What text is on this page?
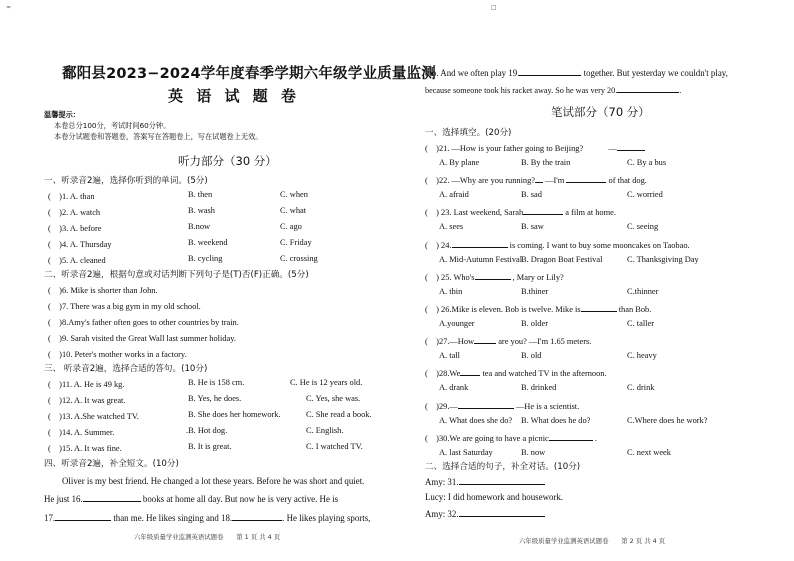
≈
鄱阳县2023−2024学年度春季学期六年级学业质量监测
英 语 试 题 卷
温馨提示：
本卷总分100分，考试时间60分钟。
本卷分试题卷和答题卷，答案写在答题卷上，写在试题卷上无效。
听力部分（30 分）
一、听录音2遍，选择你听到的单词。(5分)
(　)1. A. than	B. then	C. when
(　)2. A. watch	B. wash	C. what
(　)3. A. before	B.now	C. ago
(　)4. A. Thursday	B. weekend	C. Friday
(　)5. A. cleaned	B. cycling	C. crossing
二、听录音2遍，根据句意或对话判断下列句子是(T)否(F)正确。(5分)
(　)6. Mike is shorter than John.
(　)7. There was a big gym in my old school.
(　)8.Amy's father often goes to other countries by train.
(　)9. Sarah visited the Great Wall last summer holiday.
(　)10. Peter's mother works in a factory.
三、 听录音2遍，选择合适的答句。(10分)
(　)11. A. He is 49 kg.	B. He is 158 cm.	C. He is 12 years old.
(　)12. A. It was great.	B. Yes, he does.	C. Yes, she was.
(　)13. A.She watched TV.	B. She does her homework.	C. She read a book.
(　)14. A. Summer.	.B. Hot dog.	C. English.
(　)15. A. It was fine.	B. It is great.	C. I watched TV.
四、听录音2遍，补全短文。(10分)
Oliver is my best friend. He changed a lot these years. Before he was short and quiet.
He just 16.	books at home all day. But now he is very active. He is
17.	than me. He likes singing and 18.	. He likes playing sports,
六年级质量学业监测英语试题卷　　第 1 页 共 4 页
□
too. And we often play 19.	together. But yesterday we couldn't play,
because someone took his racket away. So he was very 20.	.
笔试部分（70 分）
一、选择填空。(20分)
(　)21. —How is your father going to Beijing?   	—
A. By plane	B. By the train	C. By a bus
(　)22. —Why are you running? —I'm	of that dog.
A. afraid	B. sad	C. worried
(　) 23. Last weekend, Sarah	a film at home.
A. sees	B. saw	C. seeing
(　) 24.	is coming. I want to buy some mooncakes on Taobao.
A. Mid-Autumn Festival
B. Dragon Boat Festival	C. Thanksgiving Day
(　) 25. Who's	, Mary or Lily?
A. thin	B.thiner	C.thinner
(　) 26.Mike is eleven. Bob is twelve. Mike is	than Bob.
A.younger	B. older	C. taller
(　)27.—How	are you? —I'm 1.65 meters.
A. tall	B. old	C. heavy
(　)28.We	tea and watched TV in the afternoon.
A. drank	B. drinked	C. drink
(　)29.—	—He is a scientist.
A. What does she do? B. What does he do?	C.Where does he work?
(　)30.We are going to have a picnic	.
A. last Saturday	B. now	C. next week
二、选择合适的句子，补全对话。(10分)
Amy: 31.
Lucy: I did homework and housework.
Amy: 32.
六年级质量学业监测英语试题卷　　第 2 页 共 4 页
